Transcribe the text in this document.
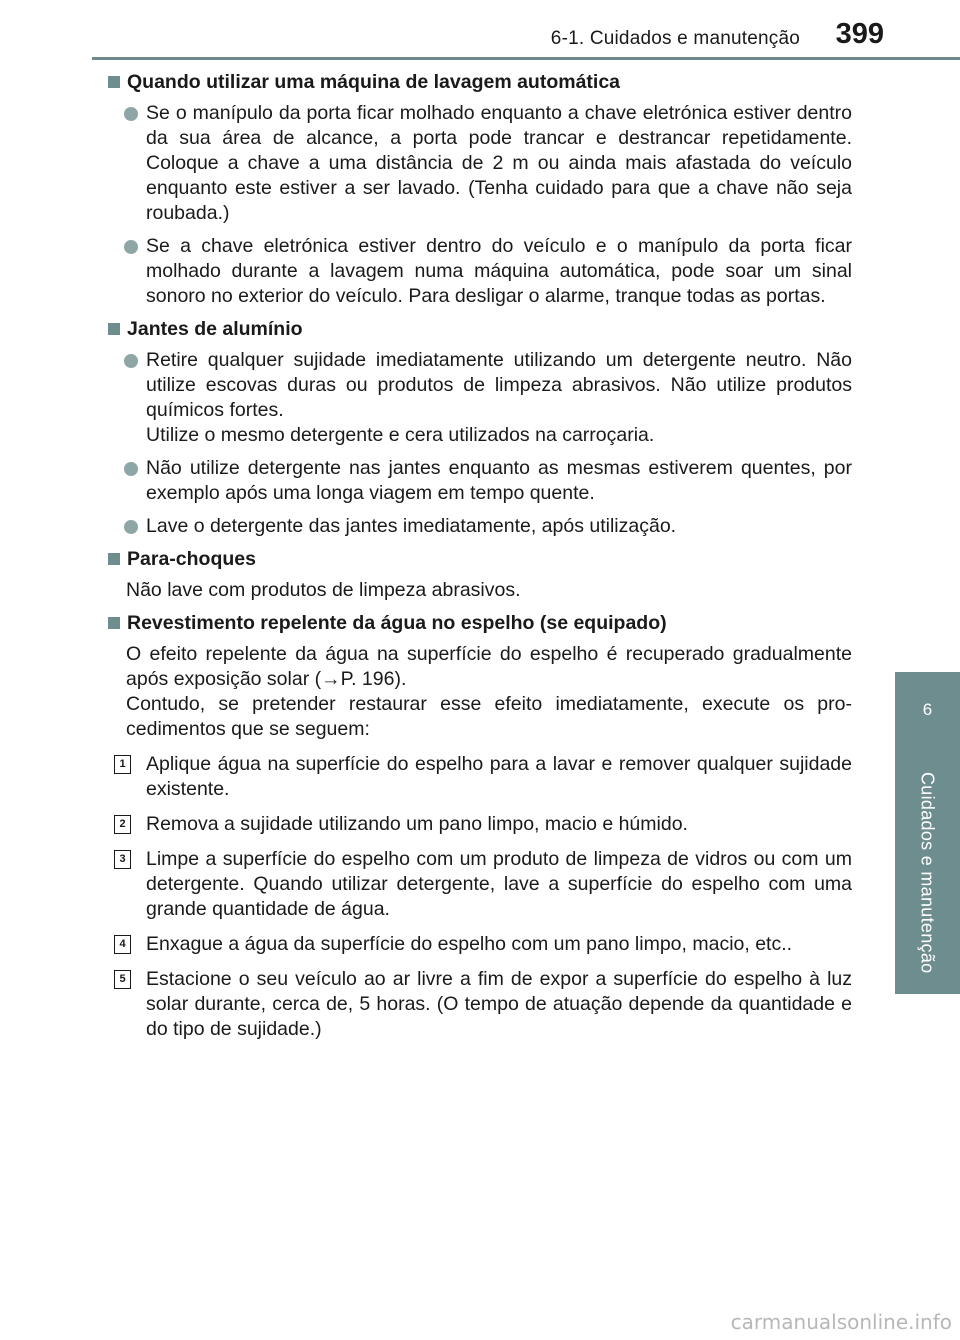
6-1. Cuidados e manutenção 399
6
Cuidados e manutenção
Quando utilizar uma máquina de lavagem automática
Se o manípulo da porta ficar molhado enquanto a chave eletrónica estiver dentro da sua área de alcance, a porta pode trancar e destrancar repetidamente. Coloque a chave a uma distância de 2 m ou ainda mais afastada do veículo enquanto este estiver a ser lavado. (Tenha cuidado para que a chave não seja roubada.)
Se a chave eletrónica estiver dentro do veículo e o manípulo da porta ficar molhado durante a lavagem numa máquina automática, pode soar um sinal sonoro no exterior do veículo. Para desligar o alarme, tranque todas as portas.
Jantes de alumínio
Retire qualquer sujidade imediatamente utilizando um detergente neutro. Não utilize escovas duras ou produtos de limpeza abrasivos. Não utilize produtos químicos fortes.
Utilize o mesmo detergente e cera utilizados na carroçaria.
Não utilize detergente nas jantes enquanto as mesmas estiverem quentes, por exemplo após uma longa viagem em tempo quente.
Lave o detergente das jantes imediatamente, após utilização.
Para-choques
Não lave com produtos de limpeza abrasivos.
Revestimento repelente da água no espelho (se equipado)
O efeito repelente da água na superfície do espelho é recuperado gradualmente após exposição solar (→P. 196).
Contudo, se pretender restaurar esse efeito imediatamente, execute os procedimentos que se seguem:
1 Aplique água na superfície do espelho para a lavar e remover qualquer sujidade existente.
2 Remova a sujidade utilizando um pano limpo, macio e húmido.
3 Limpe a superfície do espelho com um produto de limpeza de vidros ou com um detergente. Quando utilizar detergente, lave a superfície do espelho com uma grande quantidade de água.
4 Enxague a água da superfície do espelho com um pano limpo, macio, etc..
5 Estacione o seu veículo ao ar livre a fim de expor a superfície do espelho à luz solar durante, cerca de, 5 horas. (O tempo de atuação depende da quantidade e do tipo de sujidade.)
carmanualsonline.info
